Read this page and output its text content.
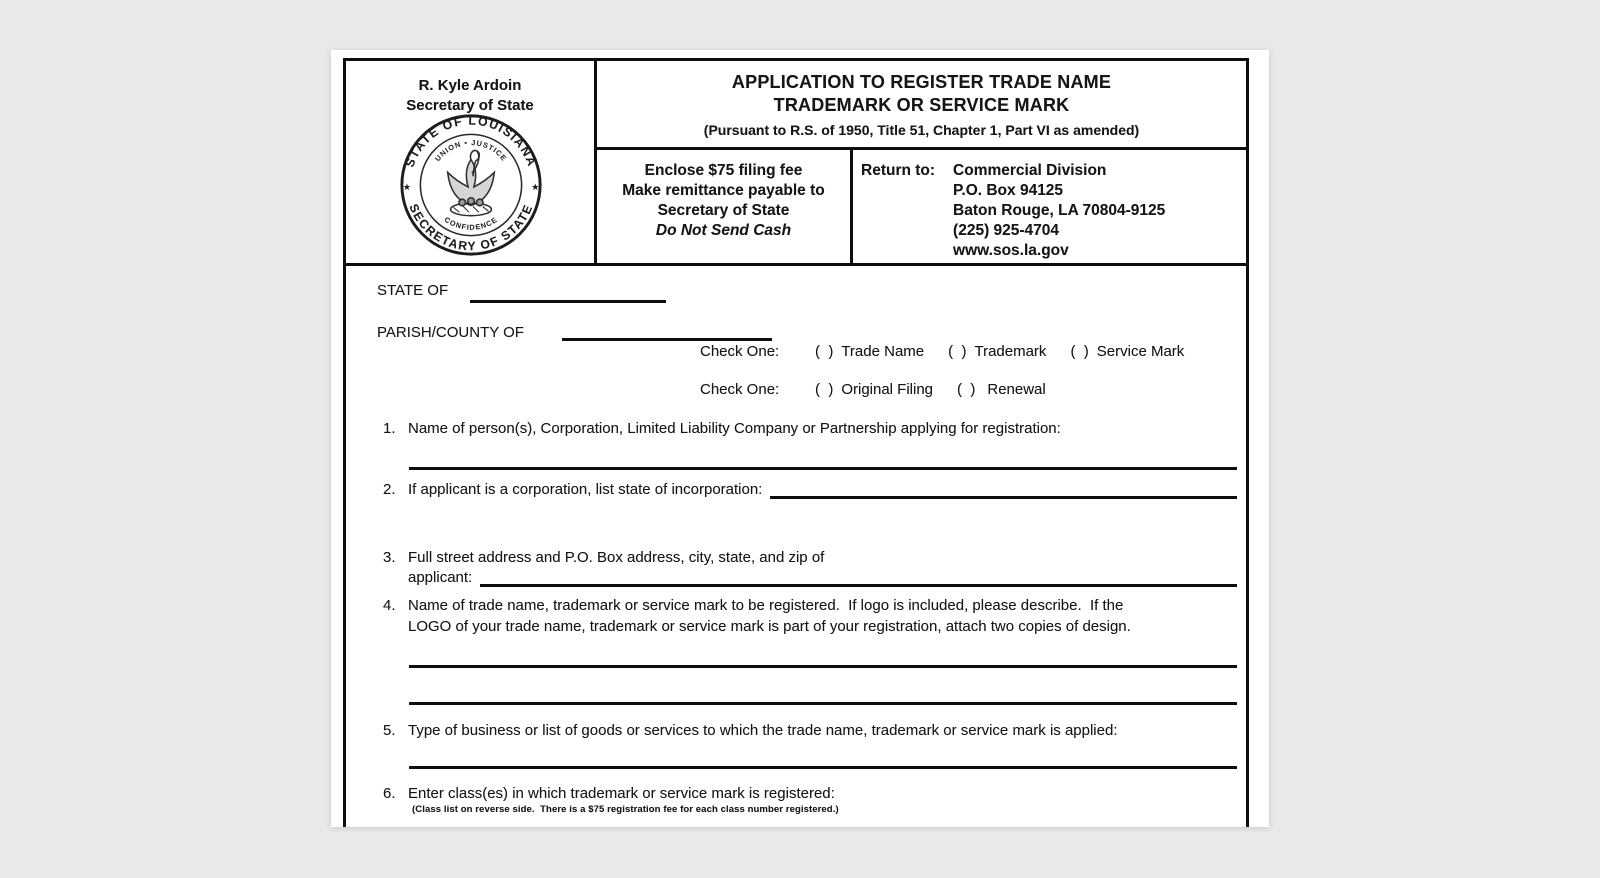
R. Kyle Ardoin
Secretary of State
STATE OF LOUISIANA
SECRETARY OF STATE
UNION • JUSTICE
CONFIDENCE
★	★
APPLICATION TO REGISTER TRADE NAME
TRADEMARK OR SERVICE MARK
(Pursuant to R.S. of 1950, Title 51, Chapter 1, Part VI as amended)
Enclose $75 filing fee
Make remittance payable to
Secretary of State
Do Not Send Cash
Return to: Commercial Division
P.O. Box 94125
Baton Rouge, LA 70804-9125
(225) 925-4704
www.sos.la.gov
STATE OF
PARISH/COUNTY OF
Check One: (  ) Trade Name (  ) Trademark (  ) Service Mark
Check One: (  ) Original Filing (  ) Renewal
1. Name of person(s), Corporation, Limited Liability Company or Partnership applying for registration:
2. If applicant is a corporation, list state of incorporation:
3. Full street address and P.O. Box address, city, state, and zip of
applicant:
4. Name of trade name, trademark or service mark to be registered.  If logo is included, please describe.  If the
LOGO of your trade name, trademark or service mark is part of your registration, attach two copies of design.
5. Type of business or list of goods or services to which the trade name, trademark or service mark is applied:
6. Enter class(es) in which trademark or service mark is registered:
(Class list on reverse side.  There is a $75 registration fee for each class number registered.)
